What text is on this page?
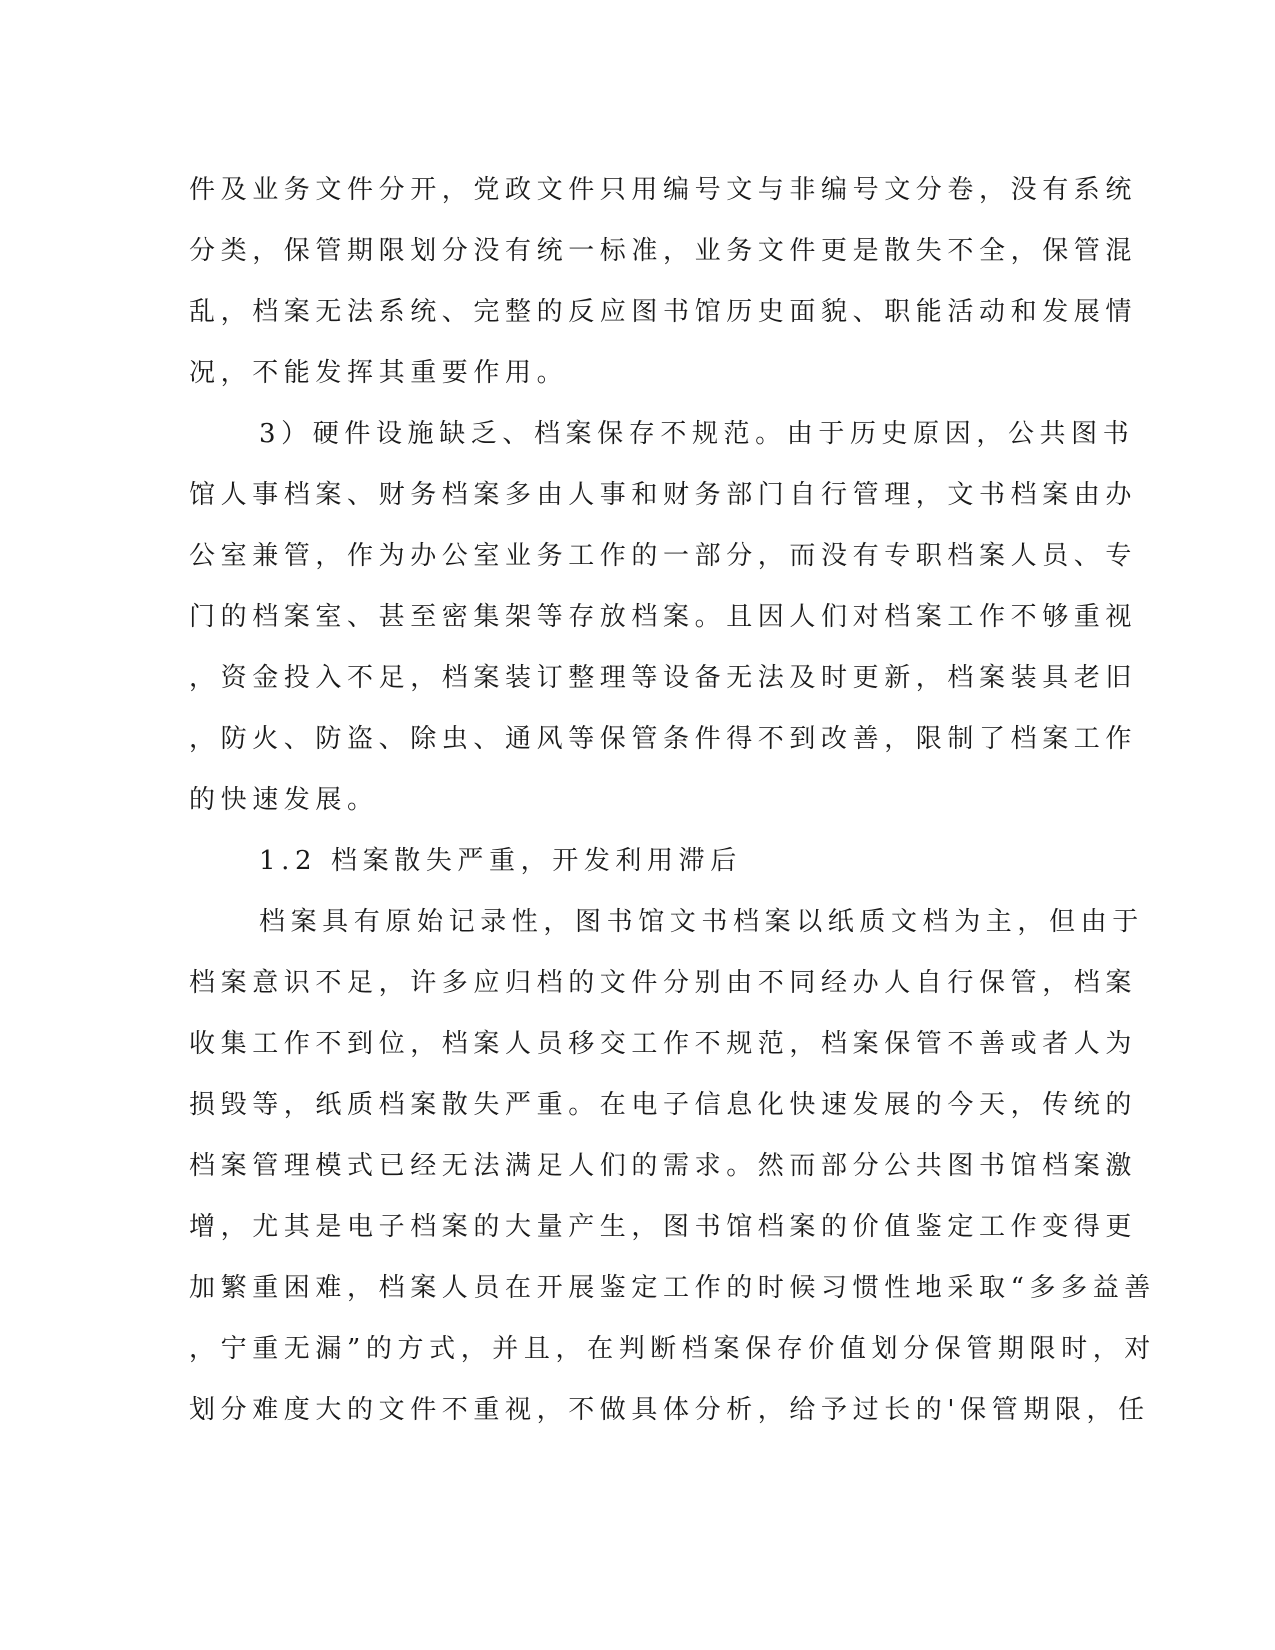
件及业务文件分开，党政文件只用编号文与非编号文分卷，没有系统
分类，保管期限划分没有统一标准，业务文件更是散失不全，保管混
乱，档案无法系统、完整的反应图书馆历史面貌、职能活动和发展情
况，不能发挥其重要作用。
3）硬件设施缺乏、档案保存不规范。由于历史原因，公共图书
馆人事档案、财务档案多由人事和财务部门自行管理，文书档案由办
公室兼管，作为办公室业务工作的一部分，而没有专职档案人员、专
门的档案室、甚至密集架等存放档案。且因人们对档案工作不够重视
，资金投入不足，档案装订整理等设备无法及时更新，档案装具老旧
，防火、防盗、除虫、通风等保管条件得不到改善，限制了档案工作
的快速发展。
1.2 档案散失严重，开发利用滞后
档案具有原始记录性，图书馆文书档案以纸质文档为主，但由于
档案意识不足，许多应归档的文件分别由不同经办人自行保管，档案
收集工作不到位，档案人员移交工作不规范，档案保管不善或者人为
损毁等，纸质档案散失严重。在电子信息化快速发展的今天，传统的
档案管理模式已经无法满足人们的需求。然而部分公共图书馆档案激
增，尤其是电子档案的大量产生，图书馆档案的价值鉴定工作变得更
加繁重困难，档案人员在开展鉴定工作的时候习惯性地采取“多多益善
，宁重无漏”的方式，并且，在判断档案保存价值划分保管期限时，对
划分难度大的文件不重视，不做具体分析，给予过长的'保管期限，任
